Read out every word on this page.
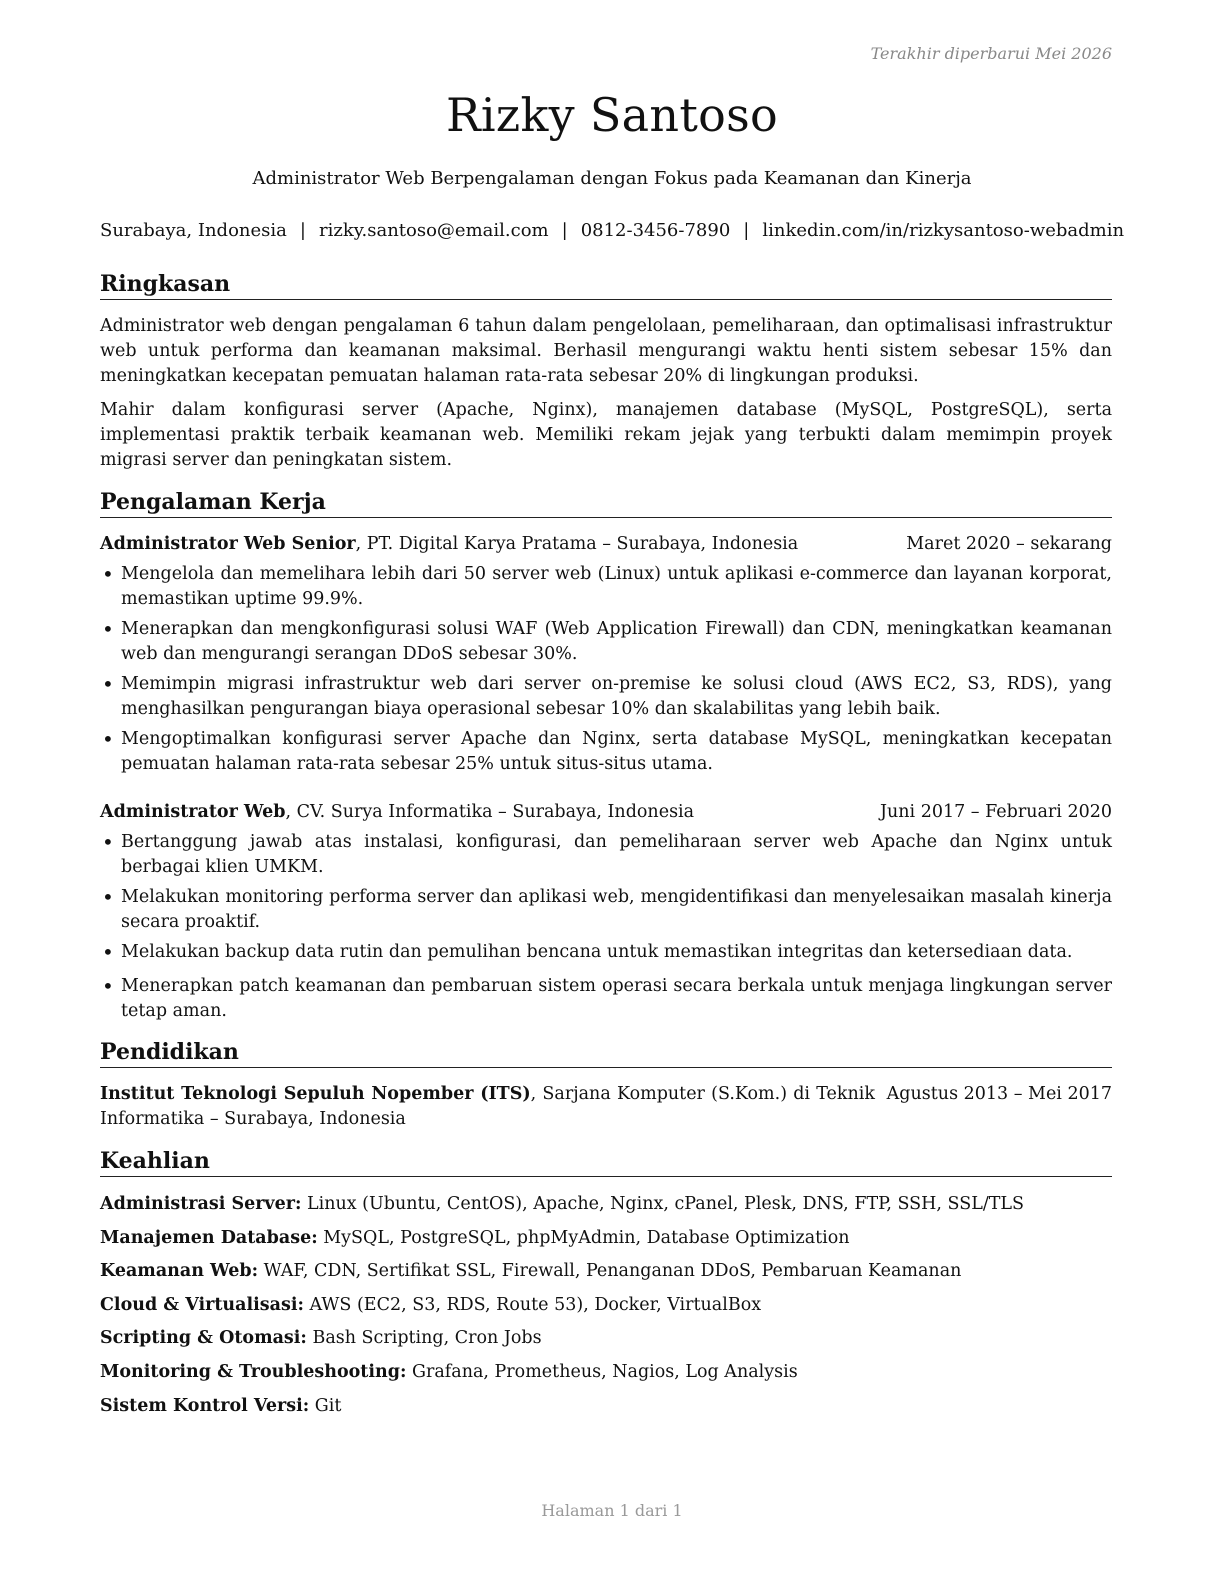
Terakhir diperbarui Mei 2026
Rizky Santoso
Administrator Web Berpengalaman dengan Fokus pada Keamanan dan Kinerja
Surabaya, Indonesia | rizky.santoso@email.com | 0812-3456-7890 | linkedin.com/in/rizkysantoso-webadmin
Ringkasan

Administrator web dengan pengalaman 6 tahun dalam pengelolaan, pemeliharaan, dan optimalisasi infrastruktur web untuk performa dan keamanan maksimal. Berhasil mengurangi waktu henti sistem sebesar 15% dan meningkatkan kecepatan pemuatan halaman rata-rata sebesar 20% di lingkungan produksi.

Mahir dalam konfigurasi server (Apache, Nginx), manajemen database (MySQL, PostgreSQL), serta implementasi praktik terbaik keamanan web. Memiliki rekam jejak yang terbukti dalam memimpin proyek migrasi server dan peningkatan sistem.

Pengalaman Kerja
Administrator Web Senior, PT. Digital Karya Pratama – Surabaya, Indonesia	Maret 2020 – sekarang
• Mengelola dan memelihara lebih dari 50 server web (Linux) untuk aplikasi e-commerce dan layanan korporat, memastikan uptime 99.9%.
• Menerapkan dan mengkonfigurasi solusi WAF (Web Application Firewall) dan CDN, meningkatkan keamanan web dan mengurangi serangan DDoS sebesar 30%.
• Memimpin migrasi infrastruktur web dari server on-premise ke solusi cloud (AWS EC2, S3, RDS), yang menghasilkan pengurangan biaya operasional sebesar 10% dan skalabilitas yang lebih baik.
• Mengoptimalkan konfigurasi server Apache dan Nginx, serta database MySQL, meningkatkan kecepatan pemuatan halaman rata-rata sebesar 25% untuk situs-situs utama.
Administrator Web, CV. Surya Informatika – Surabaya, Indonesia	Juni 2017 – Februari 2020
• Bertanggung jawab atas instalasi, konfigurasi, dan pemeliharaan server web Apache dan Nginx untuk berbagai klien UMKM.
• Melakukan monitoring performa server dan aplikasi web, mengidentifikasi dan menyelesaikan masalah kinerja secara proaktif.
• Melakukan backup data rutin dan pemulihan bencana untuk memastikan integritas dan ketersediaan data.
• Menerapkan patch keamanan dan pembaruan sistem operasi secara berkala untuk menjaga lingkungan server tetap aman.
Pendidikan
Institut Teknologi Sepuluh Nopember (ITS), Sarjana Komputer (S.Kom.) di Teknik Informatika – Surabaya, Indonesia
Agustus 2013 – Mei 2017
Keahlian
Administrasi Server: Linux (Ubuntu, CentOS), Apache, Nginx, cPanel, Plesk, DNS, FTP, SSH, SSL/TLS
Manajemen Database: MySQL, PostgreSQL, phpMyAdmin, Database Optimization
Keamanan Web: WAF, CDN, Sertifikat SSL, Firewall, Penanganan DDoS, Pembaruan Keamanan
Cloud & Virtualisasi: AWS (EC2, S3, RDS, Route 53), Docker, VirtualBox
Scripting & Otomasi: Bash Scripting, Cron Jobs
Monitoring & Troubleshooting: Grafana, Prometheus, Nagios, Log Analysis
Sistem Kontrol Versi: Git
Halaman 1 dari 1
